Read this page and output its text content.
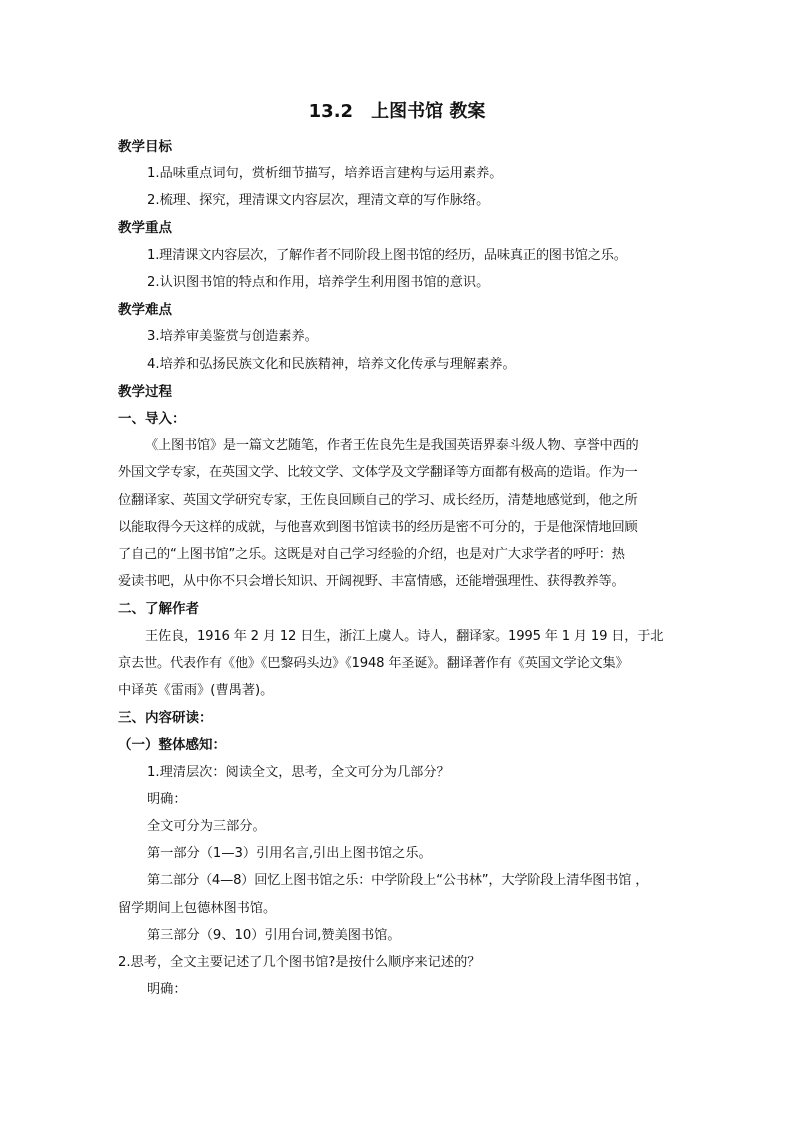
13.2　上图书馆 教案
教学目标
1.品味重点词句，赏析细节描写，培养语言建构与运用素养。
2.梳理、探究，理清课文内容层次，理清文章的写作脉络。
教学重点
1.理清课文内容层次，了解作者不同阶段上图书馆的经历，品味真正的图书馆之乐。
2.认识图书馆的特点和作用，培养学生利用图书馆的意识。
教学难点
3.培养审美鉴赏与创造素养。
4.培养和弘扬民族文化和民族精神，培养文化传承与理解素养。
教学过程
一、导入：
《上图书馆》是一篇文艺随笔，作者王佐良先生是我国英语界泰斗级人物、享誉中西的
外国文学专家，在英国文学、比较文学、文体学及文学翻译等方面都有极高的造诣。作为一
位翻译家、英国文学研究专家，王佐良回顾自己的学习、成长经历，清楚地感觉到，他之所
以能取得今天这样的成就，与他喜欢到图书馆读书的经历是密不可分的，于是他深情地回顾
了自己的“上图书馆”之乐。这既是对自己学习经验的介绍，也是对广大求学者的呼吁：热
爱读书吧，从中你不只会增长知识、开阔视野、丰富情感，还能增强理性、获得教养等。
二、了解作者
王佐良，1916 年 2 月 12 日生，浙江上虞人。诗人，翻译家。1995 年 1 月 19 日，于北
京去世。代表作有《他》《巴黎码头边》《1948 年圣诞》。翻译著作有《英国文学论文集》
中译英《雷雨》(曹禺著)。
三、内容研读：
（一）整体感知：
1.理清层次：阅读全文，思考，全文可分为几部分？
明确：
全文可分为三部分。
第一部分（1—3）引用名言,引出上图书馆之乐。
第二部分（4—8）回忆上图书馆之乐：中学阶段上“公书林”，大学阶段上清华图书馆 ，
留学期间上包德林图书馆。
第三部分（9、10）引用台词,赞美图书馆。
2.思考，全文主要记述了几个图书馆?是按什么顺序来记述的？
明确：
